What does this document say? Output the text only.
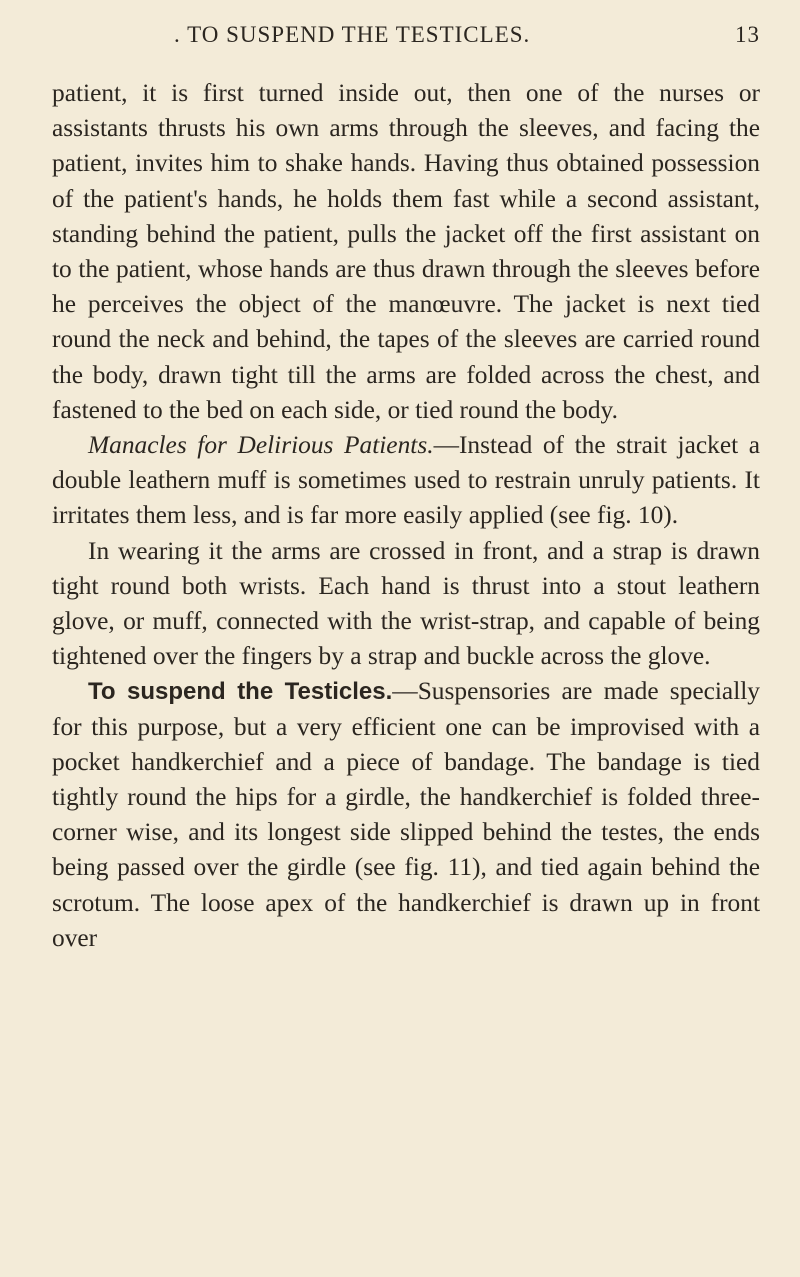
. TO SUSPEND THE TESTICLES.	13

patient, it is first turned inside out, then one of the nurses or assistants thrusts his own arms through the sleeves, and facing the patient, invites him to shake hands. Having thus obtained possession of the patient's hands, he holds them fast while a second assistant, standing behind the patient, pulls the jacket off the first assistant on to the patient, whose hands are thus drawn through the sleeves before he perceives the object of the manœuvre. The jacket is next tied round the neck and behind, the tapes of the sleeves are carried round the body, drawn tight till the arms are folded across the chest, and fastened to the bed on each side, or tied round the body.

Manacles for Delirious Patients.—Instead of the strait jacket a double leathern muff is sometimes used to restrain unruly patients. It irritates them less, and is far more easily applied (see fig. 10).

In wearing it the arms are crossed in front, and a strap is drawn tight round both wrists. Each hand is thrust into a stout leathern glove, or muff, connected with the wrist-strap, and capable of being tightened over the fingers by a strap and buckle across the glove.

To suspend the Testicles.—Suspensories are made specially for this purpose, but a very efficient one can be improvised with a pocket handkerchief and a piece of bandage. The bandage is tied tightly round the hips for a girdle, the handkerchief is folded three-corner wise, and its longest side slipped behind the testes, the ends being passed over the girdle (see fig. 11), and tied again behind the scrotum. The loose apex of the handkerchief is drawn up in front over
